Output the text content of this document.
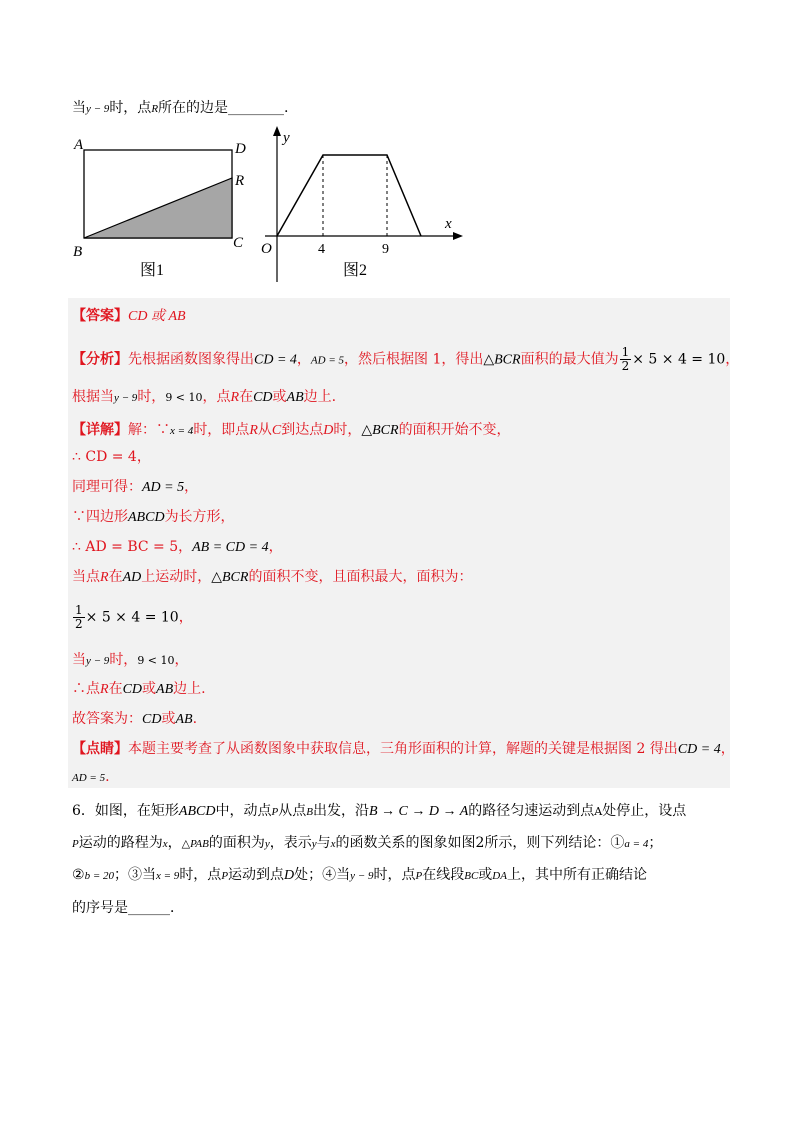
当y − 9时，点R所在的边是________.
A	D
R
B
C
图1
y
x
O	4	9
图2
【答案】CD 或 AB
【分析】先根据函数图象得出CD = 4，AD = 5，然后根据图 1，得出△BCR面积的最大值为 $\frac{1}{2} \times 5 \times 4 = 10$，
根据当y − 9时，9 < 10，点R在CD或AB边上.
【详解】解：∵x = 4时，即点R从C到达点D时，△BCR的面积开始不变，
∴ CD = 4，
同理可得：AD = 5，
∵四边形ABCD为长方形，
∴ AD = BC = 5，AB = CD = 4，
当点R在AD上运动时，△BCR的面积不变，且面积最大，面积为：
$\frac{1}{2} \times 5 \times 4 = 10$，
当y − 9时，9 < 10，
∴点R在CD或AB边上.
故答案为：CD或AB.
【点睛】本题主要考查了从函数图象中获取信息，三角形面积的计算，解题的关键是根据图 2 得出CD = 4，
AD = 5.
6．如图，在矩形ABCD中，动点P从点B出发，沿B → C → D → A的路径匀速运动到点A处停止，设点
P运动的路程为x，△PAB的面积为y，表示y与x的函数关系的图象如图2所示，则下列结论：①a = 4；
②b = 20；③当x = 9时，点P运动到点D处；④当y − 9时，点P在线段BC或DA上，其中所有正确结论
的序号是______．
